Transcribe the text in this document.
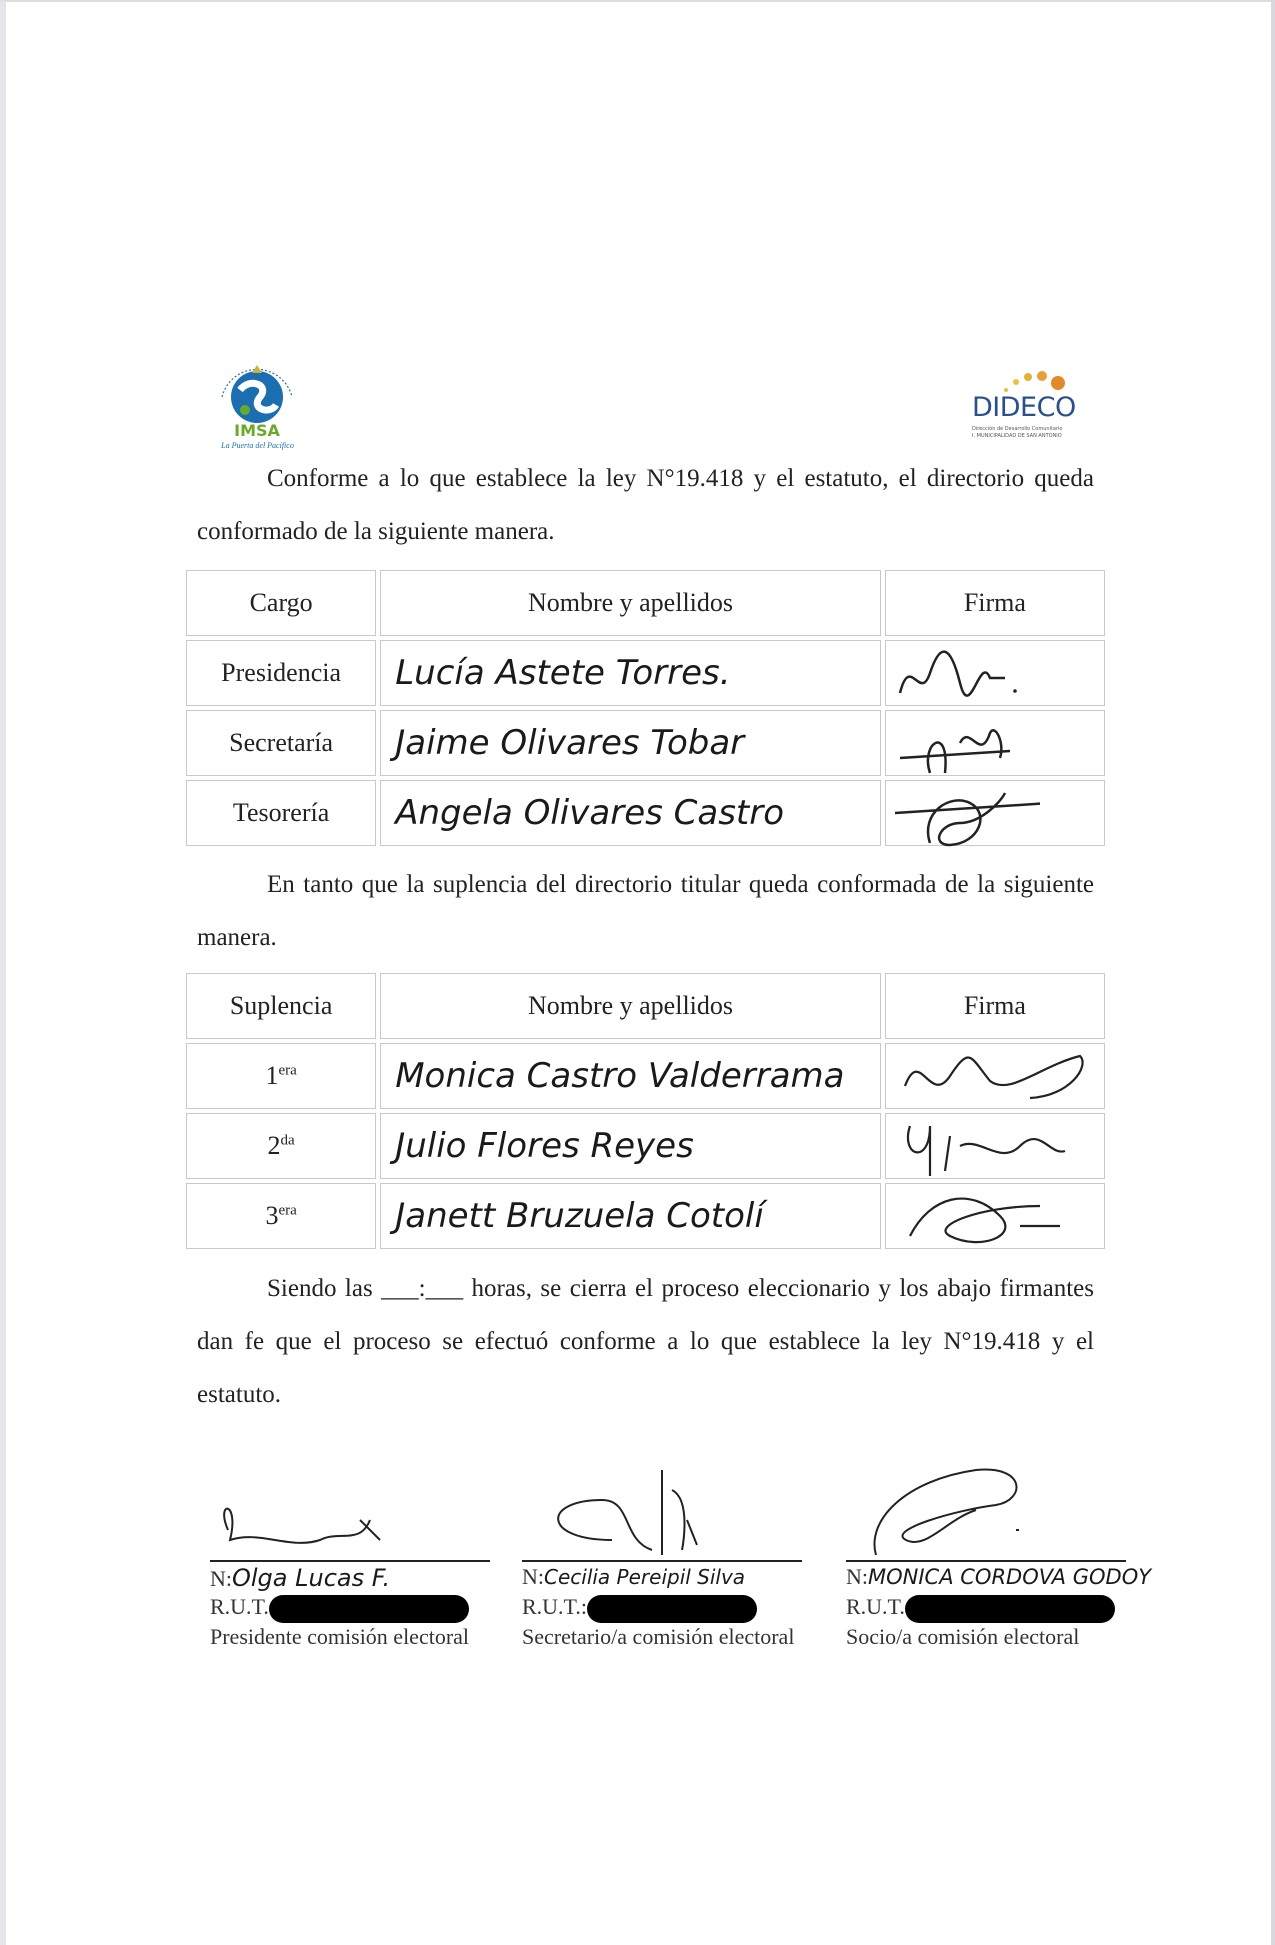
IMSA
La Puerta del Pacífico
DIDECO
Dirección de Desarrollo Comunitario
I. MUNICIPALIDAD DE SAN ANTONIO
Conforme a lo que establece la ley N°19.418 y el estatuto, el directorio queda conformado de la siguiente manera.
Cargo	Nombre y apellidos	Firma
Presidencia	Lucía Astete Torres.	

Secretaría	Jaime Olivares Tobar	

Tesorería	Angela Olivares Castro	
En tanto que la suplencia del directorio titular queda conformada de la siguiente manera.
Suplencia	Nombre y apellidos	Firma
$1^{era}$	Monica Castro Valderrama	

$2^{da}$	Julio Flores Reyes	

$3^{era}$	Janett Bruzuela Cotolí	
Siendo las ___:___ horas, se cierra el proceso eleccionario y los abajo firmantes dan fe que el proceso se efectuó conforme a lo que establece la ley N°19.418 y el estatuto.
N:Olga Lucas F.
R.U.T.
Presidente comisión electoral
N:Cecilia Pereipil Silva
R.U.T.:
Secretario/a comisión electoral
N:MONICA CORDOVA GODOY
R.U.T.
Socio/a comisión electoral
